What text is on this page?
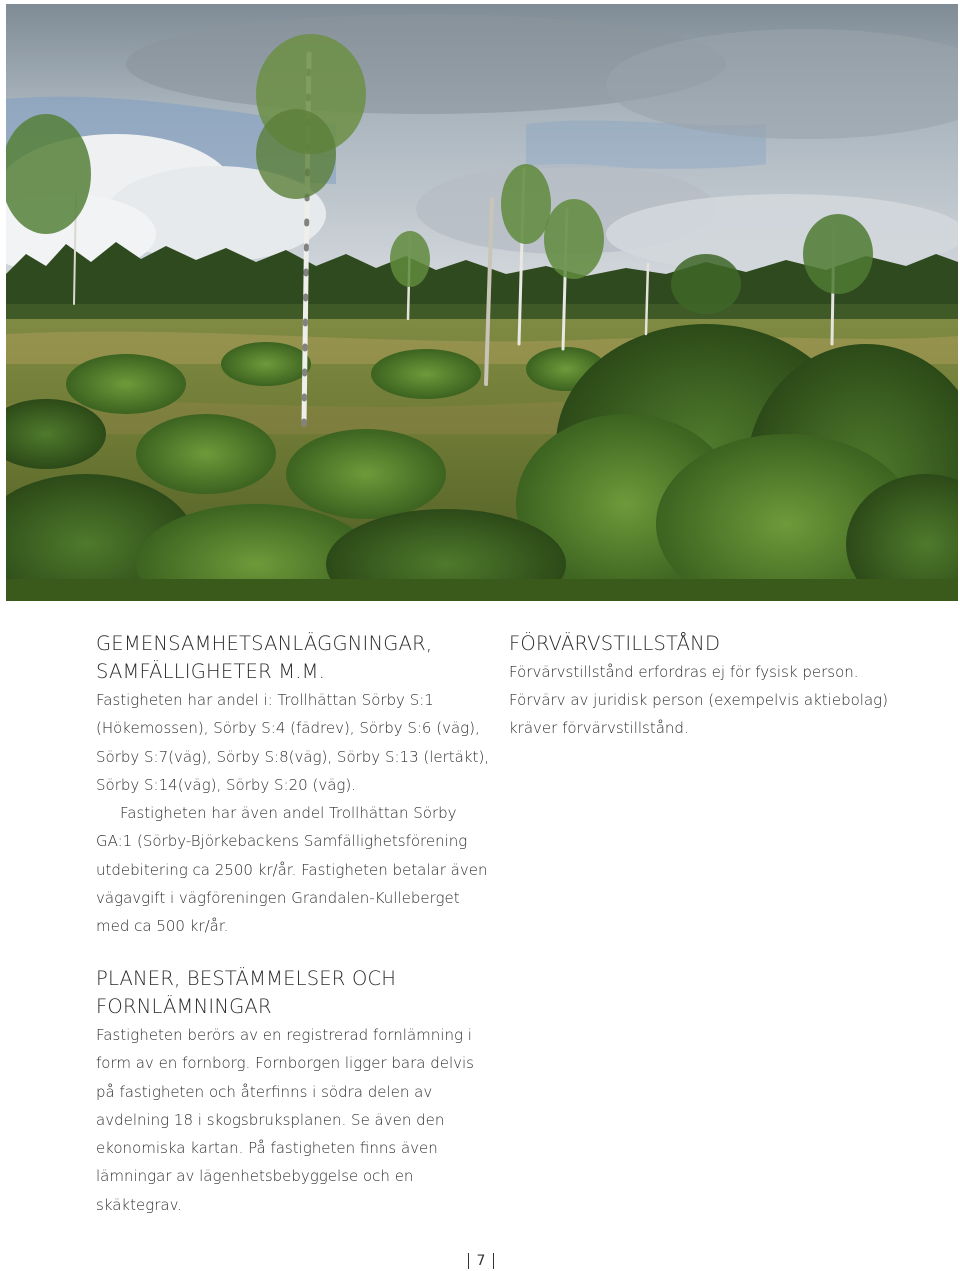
GEMENSAMHETSANLÄGGNINGAR, SAMFÄLLIGHETER M.M.

Fastigheten har andel i: Trollhättan Sörby S:1 (Hökemossen), Sörby S:4 (fädrev), Sörby S:6 (väg), Sörby S:7(väg), Sörby S:8(väg), Sörby S:13 (lertäkt), Sörby S:14(väg), Sörby S:20 (väg).

Fastigheten har även andel Trollhättan Sörby GA:1 (Sörby-Björkebackens Samfällighetsförening utdebitering ca 2500 kr/år. Fastigheten betalar även vägavgift i vägföreningen Grandalen-Kulleberget med ca 500 kr/år.

PLANER, BESTÄMMELSER OCH FORNLÄMNINGAR

Fastigheten berörs av en registrerad fornlämning i form av en fornborg. Fornborgen ligger bara delvis på fastigheten och återfinns i södra delen av avdelning 18 i skogsbruksplanen. Se även den ekonomiska kartan. På fastigheten finns även lämningar av lägenhetsbebyggelse och en skäktegrav.

FÖRVÄRVSTILLSTÅND

Förvärvstillstånd erfordras ej för fysisk person. Förvärv av juridisk person (exempelvis aktiebolag) kräver förvärvstillstånd.

7
